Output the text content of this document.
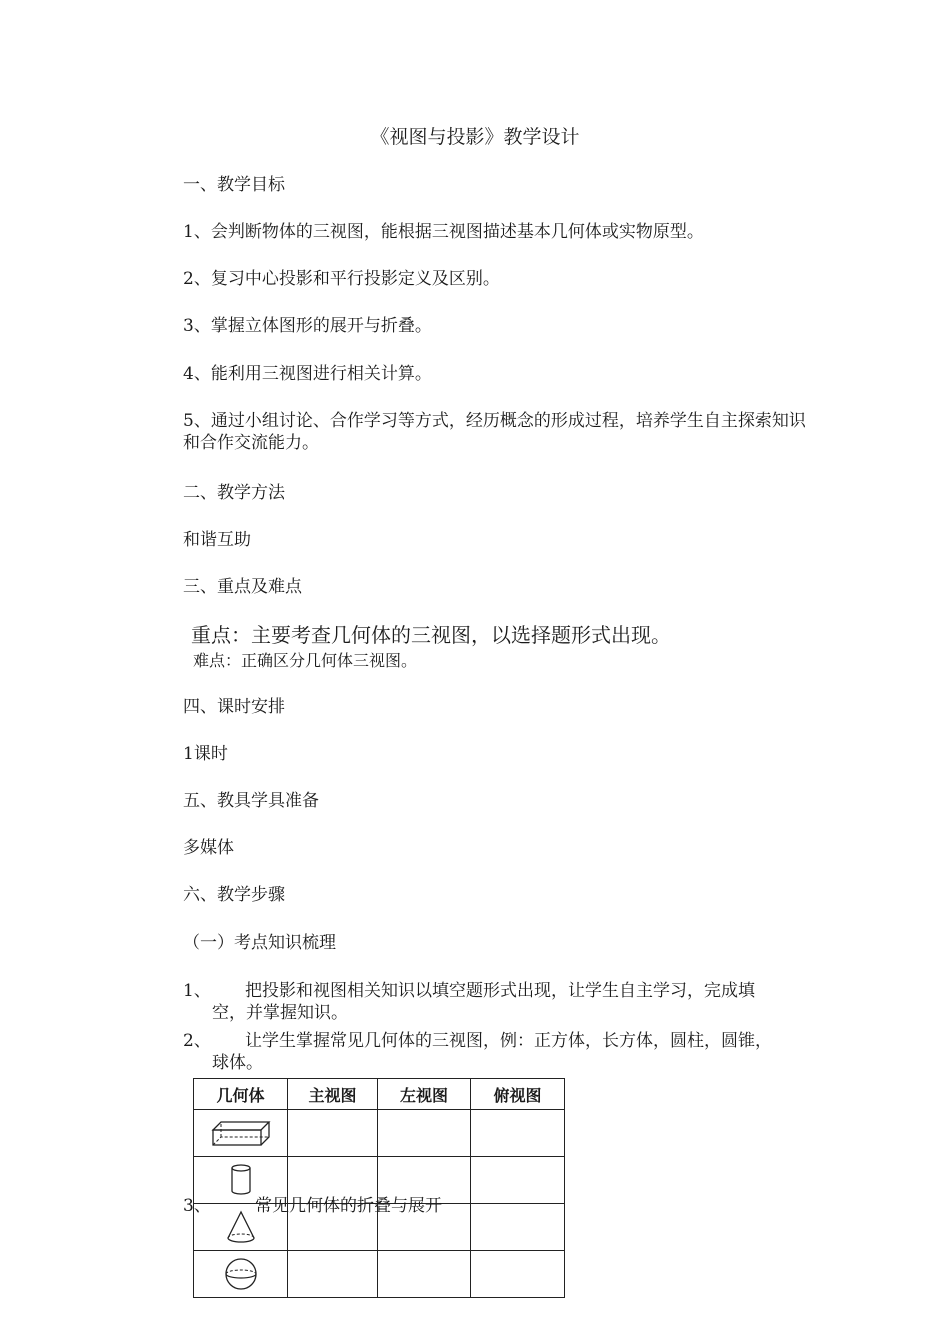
《视图与投影》教学设计
一、教学目标
1、会判断物体的三视图，能根据三视图描述基本几何体或实物原型。
2、复习中心投影和平行投影定义及区别。
3、掌握立体图形的展开与折叠。
4、能利用三视图进行相关计算。
5、通过小组讨论、合作学习等方式，经历概念的形成过程，培养学生自主探索知识和合作交流能力。
二、教学方法
和谐互助
三、重点及难点
重点：主要考查几何体的三视图，以选择题形式出现。
难点：正确区分几何体三视图。
四、课时安排
1课时
五、教具学具准备
多媒体
六、教学步骤
（一）考点知识梳理
1、 把投影和视图相关知识以填空题形式出现，让学生自主学习，完成填
空，并掌握知识。
2、 让学生掌握常见几何体的三视图，例：正方体，长方体，圆柱，圆锥，
球体。
几何体	主视图	左视图	俯视图

3、	常见几何体的折叠与展开
